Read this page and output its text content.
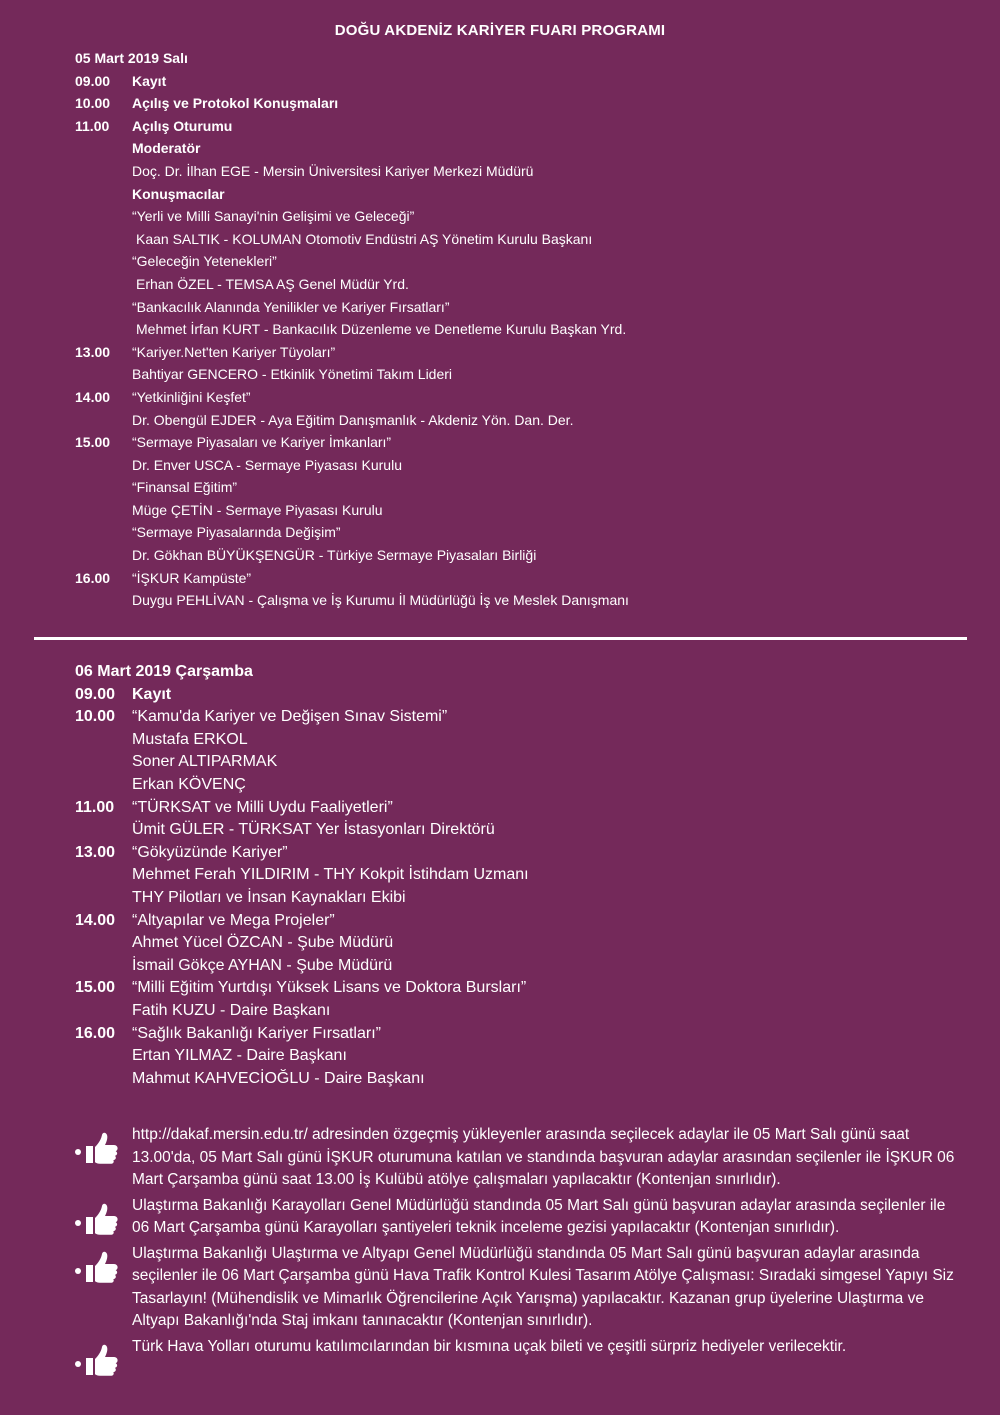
DOĞU AKDENİZ KARİYER FUARI PROGRAMI
05 Mart 2019 Salı
09.00 Kayıt
10.00 Açılış ve Protokol Konuşmaları
11.00 Açılış Oturumu
Moderatör
Doç. Dr. İlhan EGE - Mersin Üniversitesi Kariyer Merkezi Müdürü
Konuşmacılar
“Yerli ve Milli Sanayi'nin Gelişimi ve Geleceği”
Kaan SALTIK - KOLUMAN Otomotiv Endüstri AŞ Yönetim Kurulu Başkanı
“Geleceğin Yetenekleri”
Erhan ÖZEL - TEMSA AŞ Genel Müdür Yrd.
“Bankacılık Alanında Yenilikler ve Kariyer Fırsatları”
Mehmet İrfan KURT - Bankacılık Düzenleme ve Denetleme Kurulu Başkan Yrd.
13.00 “Kariyer.Net'ten Kariyer Tüyoları”
Bahtiyar GENCERO - Etkinlik Yönetimi Takım Lideri
14.00 “Yetkinliğini Keşfet”
Dr. Obengül EJDER - Aya Eğitim Danışmanlık - Akdeniz Yön. Dan. Der.
15.00 “Sermaye Piyasaları ve Kariyer İmkanları”
Dr. Enver USCA - Sermaye Piyasası Kurulu
“Finansal Eğitim”
Müge ÇETİN - Sermaye Piyasası Kurulu
“Sermaye Piyasalarında Değişim”
Dr. Gökhan BÜYÜKŞENGÜR - Türkiye Sermaye Piyasaları Birliği
16.00 “İŞKUR Kampüste”
Duygu PEHLİVAN - Çalışma ve İş Kurumu İl Müdürlüğü İş ve Meslek Danışmanı
06 Mart 2019 Çarşamba
09.00 Kayıt
10.00 “Kamu'da Kariyer ve Değişen Sınav Sistemi”
Mustafa ERKOL
Soner ALTIPARMAK
Erkan KÖVENÇ
11.00 “TÜRKSAT ve Milli Uydu Faaliyetleri”
Ümit GÜLER - TÜRKSAT Yer İstasyonları Direktörü
13.00 “Gökyüzünde Kariyer”
Mehmet Ferah YILDIRIM - THY Kokpit İstihdam Uzmanı
THY Pilotları ve İnsan Kaynakları Ekibi
14.00 “Altyapılar ve Mega Projeler”
Ahmet Yücel ÖZCAN - Şube Müdürü
İsmail Gökçe AYHAN - Şube Müdürü
15.00 “Milli Eğitim Yurtdışı Yüksek Lisans ve Doktora Bursları”
Fatih KUZU - Daire Başkanı
16.00 “Sağlık Bakanlığı Kariyer Fırsatları”
Ertan YILMAZ - Daire Başkanı
Mahmut KAHVECİOĞLU - Daire Başkanı
http://dakaf.mersin.edu.tr/ adresinden özgeçmiş yükleyenler arasında seçilecek adaylar ile 05 Mart Salı günü saat 13.00'da, 05 Mart Salı günü İŞKUR oturumuna katılan ve standında başvuran adaylar arasından seçilenler ile İŞKUR 06 Mart Çarşamba günü saat 13.00 İş Kulübü atölye çalışmaları yapılacaktır (Kontenjan sınırlıdır).
Ulaştırma Bakanlığı Karayolları Genel Müdürlüğü standında 05 Mart Salı günü başvuran adaylar arasında seçilenler ile 06 Mart Çarşamba günü Karayolları şantiyeleri teknik inceleme gezisi yapılacaktır (Kontenjan sınırlıdır).
Ulaştırma Bakanlığı Ulaştırma ve Altyapı Genel Müdürlüğü standında 05 Mart Salı günü başvuran adaylar arasında seçilenler ile 06 Mart Çarşamba günü Hava Trafik Kontrol Kulesi Tasarım Atölye Çalışması: Sıradaki simgesel Yapıyı Siz Tasarlayın! (Mühendislik ve Mimarlık Öğrencilerine Açık Yarışma) yapılacaktır. Kazanan grup üyelerine Ulaştırma ve Altyapı Bakanlığı'nda Staj imkanı tanınacaktır (Kontenjan sınırlıdır).
Türk Hava Yolları oturumu katılımcılarından bir kısmına uçak bileti ve çeşitli sürpriz hediyeler verilecektir.
